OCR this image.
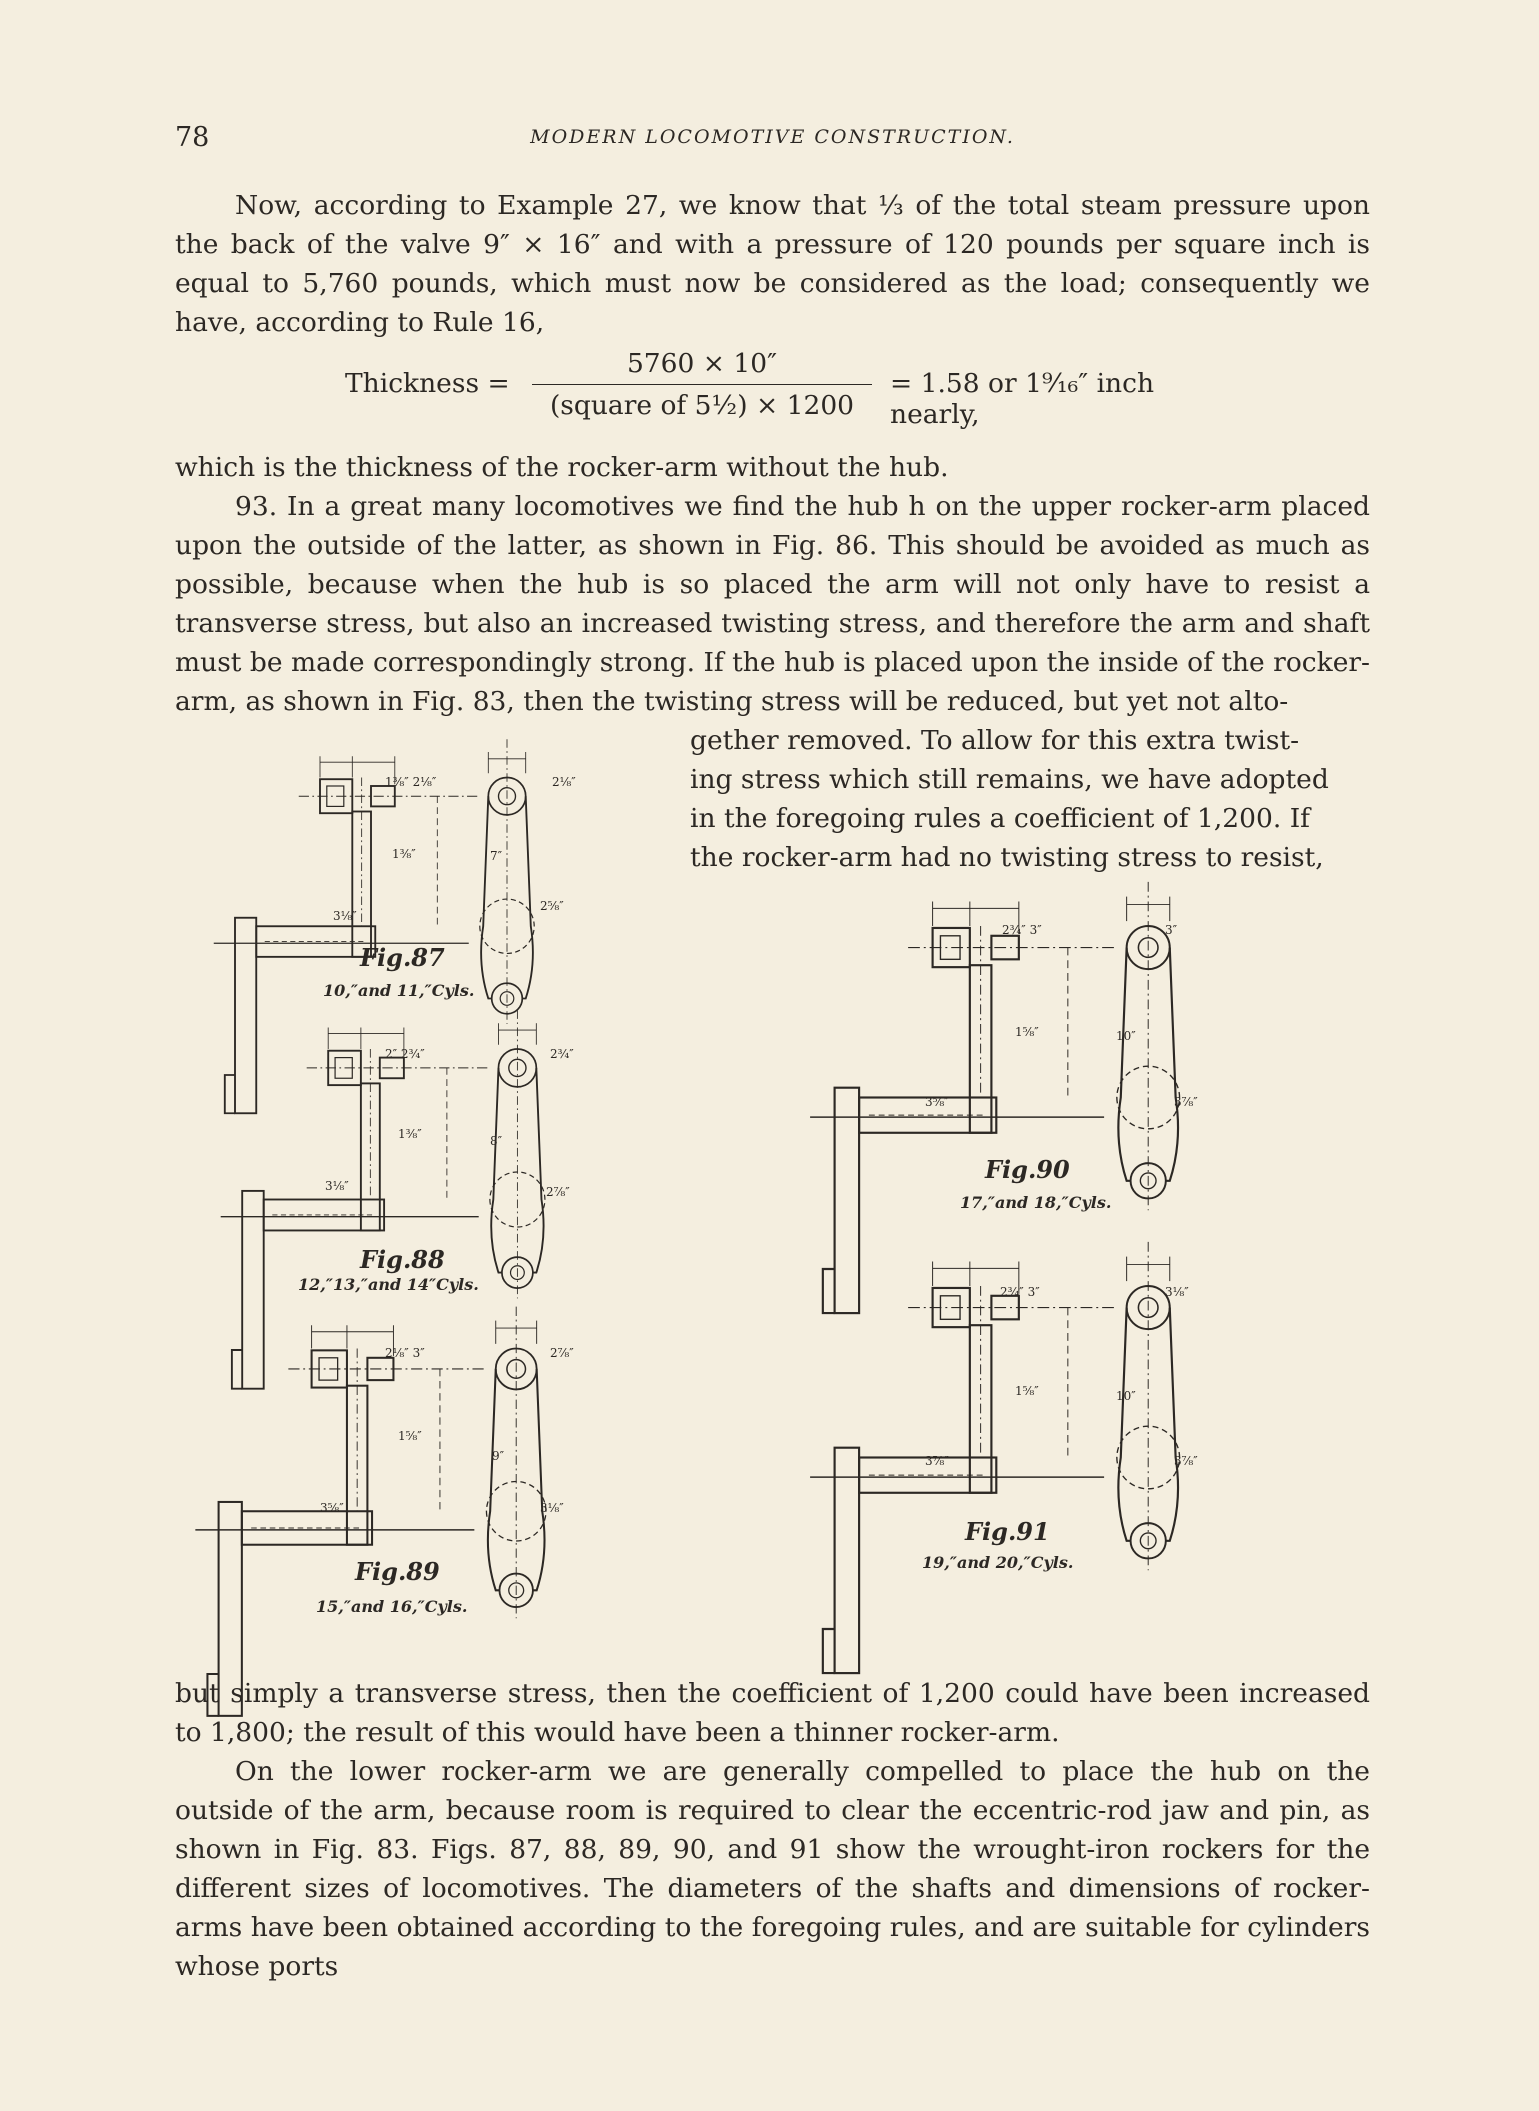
78	MODERN LOCOMOTIVE CONSTRUCTION.

Now, according to Example 27, we know that ⅓ of the total steam pressure upon the back of the valve 9″ × 16″ and with a pressure of 120 pounds per square inch is equal to 5,760 pounds, which must now be considered as the load; consequently we have, according to Rule 16,

Thickness =
5760 × 10″
(square of 5½) × 1200
= 1.58 or 1⁹⁄₁₆″ inch nearly,

which is the thickness of the rocker-arm without the hub.

93. In a great many locomotives we find the hub h on the upper rocker-arm placed upon the outside of the latter, as shown in Fig. 86. This should be avoided as much as possible, because when the hub is so placed the arm will not only have to resist a transverse stress, but also an increased twisting stress, and therefore the arm and shaft must be made correspondingly strong. If the hub is placed upon the inside of the rocker-arm, as shown in Fig. 83, then the twisting stress will be reduced, but yet not alto-

gether removed. To allow for this extra twist-

ing stress which still remains, we have adopted

in the foregoing rules a coefficient of 1,200. If

the rocker-arm had no twisting stress to resist,

but simply a transverse stress, then the coefficient of 1,200 could have been increased to 1,800; the result of this would have been a thinner rocker-arm.

On the lower rocker-arm we are generally compelled to place the hub on the outside of the arm, because room is required to clear the eccentric-rod jaw and pin, as shown in Fig. 83. Figs. 87, 88, 89, 90, and 91 show the wrought-iron rockers for the different sizes of locomotives. The diameters of the shafts and dimensions of rocker-arms have been obtained according to the foregoing rules, and are suitable for cylinders whose ports

Fig.87
10,″and 11,″Cyls.
1⅜″ 2⅛″	2⅛″
7″
1⅜″
3⅛″
2⅝″
Fig.88
12,″13,″and 14″Cyls.
2″ 2¾″	2¾″
8″
1⅜″
3⅛″	2⅞″
Fig.89
15,″and 16,″Cyls.
2⅛″ 3″	2⅞″
9″
1⅝″
3⅝″	3⅛″
Fig.90
17,″and 18,″Cyls.
2¾″ 3″	3″
10″
1⅝″
3⅝″	3⅞″
Fig.91
19,″and 20,″Cyls.
2¾″ 3″	3⅛″
10″
1⅝″
3⅞″	3⅞″
